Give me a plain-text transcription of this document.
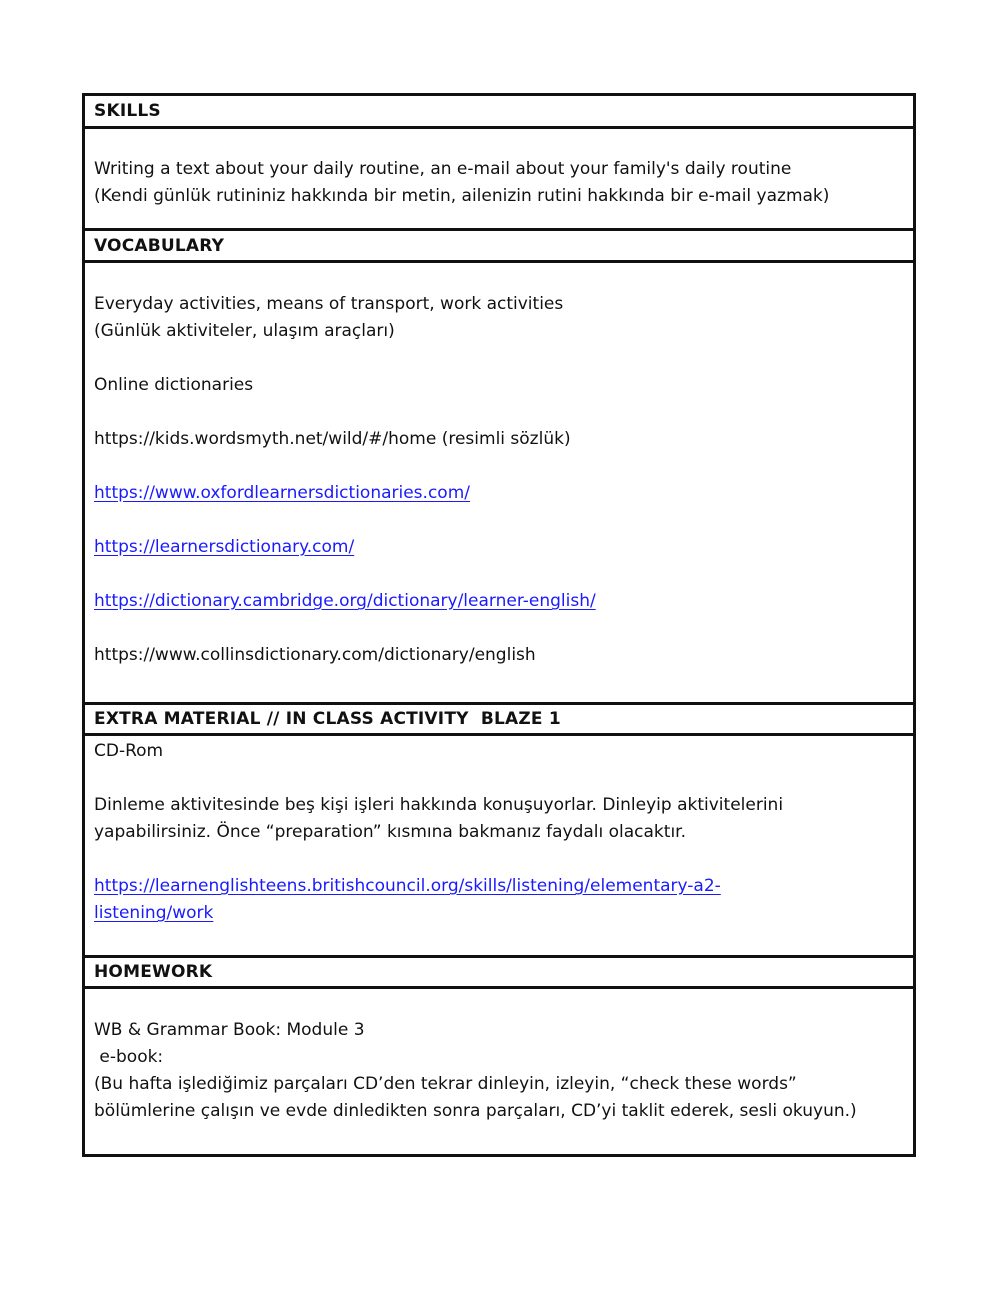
SKILLS
Writing a text about your daily routine, an e-mail about your family's daily routine
(Kendi günlük rutininiz hakkında bir metin, ailenizin rutini hakkında bir e-mail yazmak)
VOCABULARY
Everyday activities, means of transport, work activities
(Günlük aktiviteler, ulaşım araçları)
Online dictionaries
https://kids.wordsmyth.net/wild/#/home (resimli sözlük)
https://www.oxfordlearnersdictionaries.com/
https://learnersdictionary.com/
https://dictionary.cambridge.org/dictionary/learner-english/
https://www.collinsdictionary.com/dictionary/english
EXTRA MATERIAL // IN CLASS ACTIVITY  BLAZE 1
CD-Rom
Dinleme aktivitesinde beş kişi işleri hakkında konuşuyorlar. Dinleyip aktivitelerini
yapabilirsiniz. Önce “preparation” kısmına bakmanız faydalı olacaktır.
https://learnenglishteens.britishcouncil.org/skills/listening/elementary-a2-
listening/work
HOMEWORK
WB & Grammar Book: Module 3
e-book:
(Bu hafta işlediğimiz parçaları CD’den tekrar dinleyin, izleyin, “check these words”
bölümlerine çalışın ve evde dinledikten sonra parçaları, CD’yi taklit ederek, sesli okuyun.)
